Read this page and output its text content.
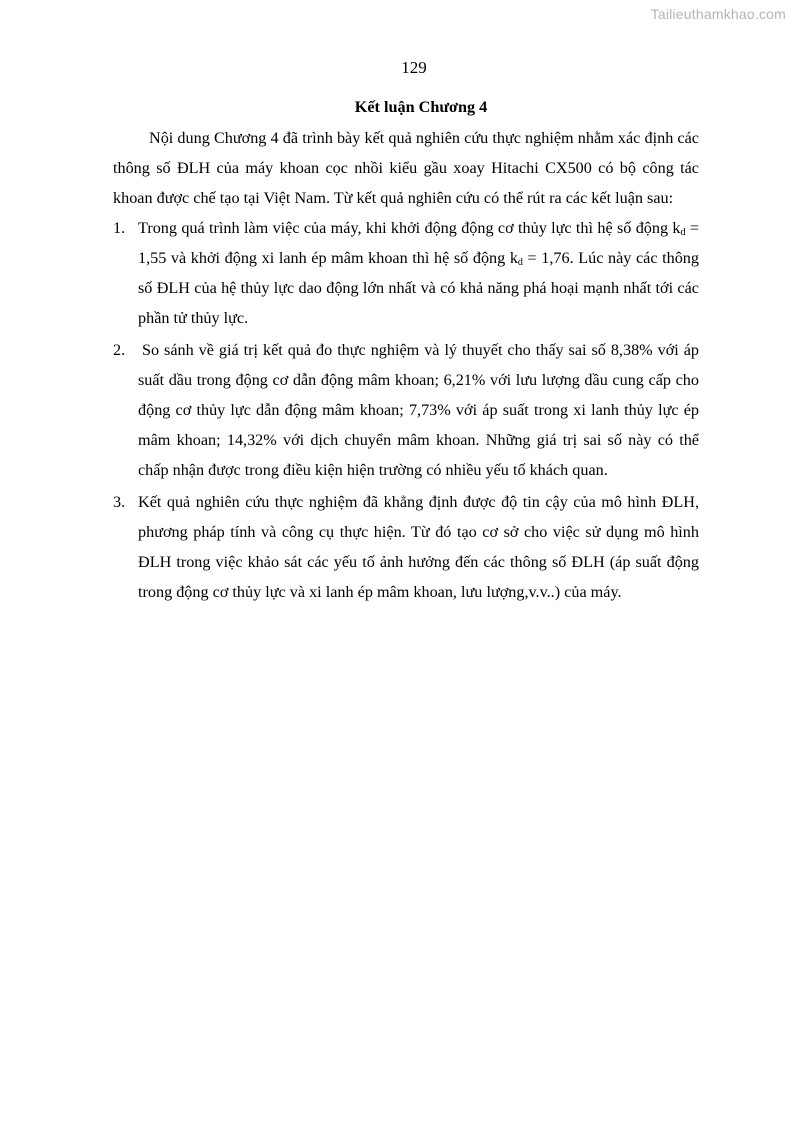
Tailieuthamkhao.com
129

Kết luận Chương 4

Nội dung Chương 4 đã trình bày kết quả nghiên cứu thực nghiệm nhằm xác định các thông số ĐLH của máy khoan cọc nhồi kiểu gầu xoay Hitachi CX500 có bộ công tác khoan được chế tạo tại Việt Nam. Từ kết quả nghiên cứu có thể rút ra các kết luận sau:

1. Trong quá trình làm việc của máy, khi khởi động động cơ thủy lực thì hệ số động $k_d = 1,55$ và khởi động xi lanh ép mâm khoan thì hệ số động $k_d = 1,76$. Lúc này các thông số ĐLH của hệ thủy lực dao động lớn nhất và có khả năng phá hoại mạnh nhất tới các phần tử thủy lực.
2. So sánh về giá trị kết quả đo thực nghiệm và lý thuyết cho thấy sai số 8,38% với áp suất dầu trong động cơ dẫn động mâm khoan; 6,21% với lưu lượng dầu cung cấp cho động cơ thủy lực dẫn động mâm khoan; 7,73% với áp suất trong xi lanh thủy lực ép mâm khoan; 14,32% với dịch chuyển mâm khoan. Những giá trị sai số này có thể chấp nhận được trong điều kiện hiện trường có nhiều yếu tố khách quan.
3. Kết quả nghiên cứu thực nghiệm đã khẳng định được độ tin cậy của mô hình ĐLH, phương pháp tính và công cụ thực hiện. Từ đó tạo cơ sở cho việc sử dụng mô hình ĐLH trong việc khảo sát các yếu tố ảnh hưởng đến các thông số ĐLH (áp suất động trong động cơ thủy lực và xi lanh ép mâm khoan, lưu lượng,v.v..) của máy.
